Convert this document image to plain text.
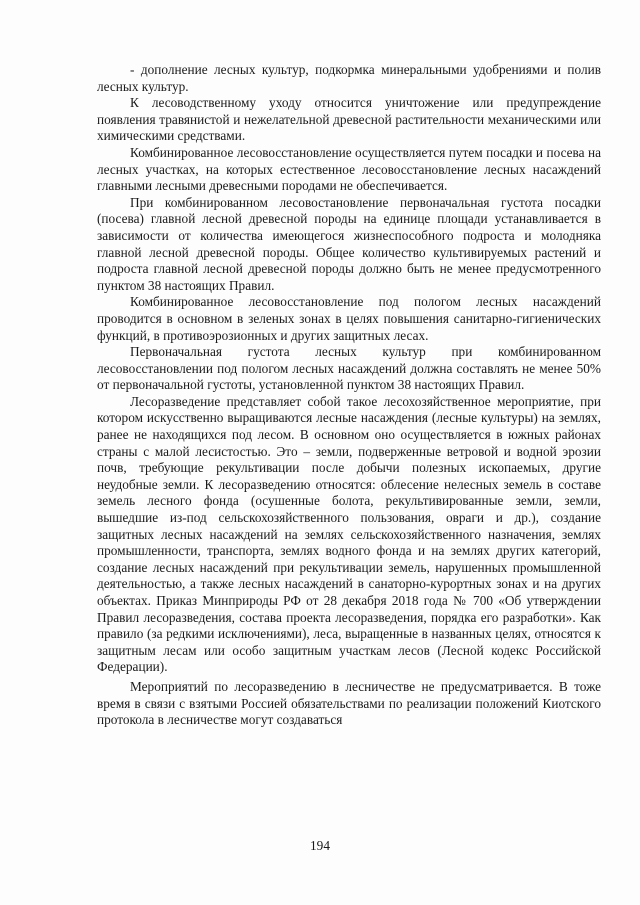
- дополнение лесных культур, подкормка минеральными удобрениями и полив лесных культур.

К лесоводственному уходу относится уничтожение или предупреждение появления травянистой и нежелательной древесной растительности механическими или химическими средствами.

Комбинированное лесовосстановление осуществляется путем посадки и посева на лесных участках, на которых естественное лесовосстановление лесных насаждений главными лесными древесными породами не обеспечивается.

При комбинированном лесовостановление первоначальная густота посадки (посева) главной лесной древесной породы на единице площади устанавливается в зависимости от количества имеющегося жизнеспособного подроста и молодняка главной лесной древесной породы. Общее количество культивируемых растений и подроста главной лесной древесной породы должно быть не менее предусмотренного пунктом 38 настоящих Правил.

Комбинированное лесовосстановление под пологом лесных насаждений проводится в основном в зеленых зонах в целях повышения санитарно-гигиенических функций, в противоэрозионных и других защитных лесах.

Первоначальная густота лесных культур при комбинированном лесовосстановлении под пологом лесных насаждений должна составлять не менее 50% от первоначальной густоты, установленной пунктом 38 настоящих Правил.

Лесоразведение представляет собой такое лесохозяйственное мероприятие, при котором искусственно выращиваются лесные насаждения (лесные культуры) на землях, ранее не находящихся под лесом. В основном оно осуществляется в южных районах страны с малой лесистостью. Это – земли, подверженные ветровой и водной эрозии почв, требующие рекультивации после добычи полезных ископаемых, другие неудобные земли. К лесоразведению относятся: облесение нелесных земель в составе земель лесного фонда (осушенные болота, рекультивированные земли, земли, вышедшие из-под сельскохозяйственного пользования, овраги и др.), создание защитных лесных насаждений на землях сельскохозяйственного назначения, землях промышленности, транспорта, землях водного фонда и на землях других категорий, создание лесных насаждений при рекультивации земель, нарушенных промышленной деятельностью, а также лесных насаждений в санаторно-курортных зонах и на других объектах. Приказ Минприроды РФ от 28 декабря 2018 года № 700 «Об утверждении Правил лесоразведения, состава проекта лесоразведения, порядка его разработки». Как правило (за редкими исключениями), леса, выращенные в названных целях, относятся к защитным лесам или особо защитным участкам лесов (Лесной кодекс Российской Федерации).

Мероприятий по лесоразведению в лесничестве не предусматривается. В тоже время в связи с взятыми Россией обязательствами по реализации положений Киотского протокола в лесничестве могут создаваться

194
